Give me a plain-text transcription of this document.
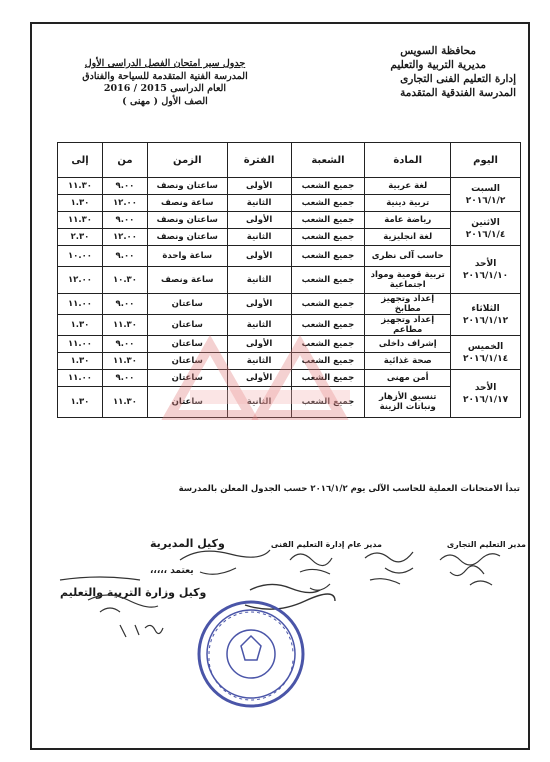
محافظة السويس
مديرية التربية والتعليم
إدارة التعليم الفنى التجارى
المدرسة الفندقية المتقدمة
جدول سير امتحان الفصل الدراسى الأول
المدرسة الفنية المتقدمة للسياحة والفنادق
العام الدراسى 2015 / 2016
الصف الأول ( مهنى )
اليوم	المادة	الشعبة	الفترة	الزمن	من	إلى

السبت
٢٠١٦/١/٢	لغة عربية	جميع الشعب	الأولى	ساعتان ونصف	٩.٠٠	١١.٣٠
	تربية دينية	جميع الشعب	الثانية	ساعة ونصف	١٢.٠٠	١.٣٠

الاثنين
٢٠١٦/١/٤	رياضة عامة	جميع الشعب	الأولى	ساعتان ونصف	٩.٠٠	١١.٣٠
	لغة انجليزية	جميع الشعب	الثانية	ساعتان ونصف	١٢.٠٠	٢.٣٠

الأحد
٢٠١٦/١/١٠	حاسب آلى نظرى	جميع الشعب	الأولى	ساعة واحدة	٩.٠٠	١٠.٠٠
	تربية قومية ومواد اجتماعية	جميع الشعب	الثانية	ساعة ونصف	١٠.٣٠	١٢.٠٠

الثلاثاء
٢٠١٦/١/١٢	إعداد وتجهيز مطابخ	جميع الشعب	الأولى	ساعتان	٩.٠٠	١١.٠٠
	إعداد وتجهيز مطاعم	جميع الشعب	الثانية	ساعتان	١١.٣٠	١.٣٠

الخميس
٢٠١٦/١/١٤	إشراف داخلى	جميع الشعب	الأولى	ساعتان	٩.٠٠	١١.٠٠
	صحة غذائية	جميع الشعب	الثانية	ساعتان	١١.٣٠	١.٣٠

الأحد
٢٠١٦/١/١٧	أمن مهنى	جميع الشعب	الأولى	ساعتان	٩.٠٠	١١.٠٠
	تنسيق الأزهار ونباتات الزينة	جميع الشعب	الثانية	ساعتان	١١.٣٠	١.٣٠
تبدأ الامتحانات العملية للحاسب الآلى يوم ٢٠١٦/١/٢ حسب الجدول المعلن بالمدرسة
مدير التعليم التجارى
مدير عام إدارة التعليم الفنى
وكيل المديرية
يعتمد ،،،،،
وكيل وزارة التربية والتعليم
